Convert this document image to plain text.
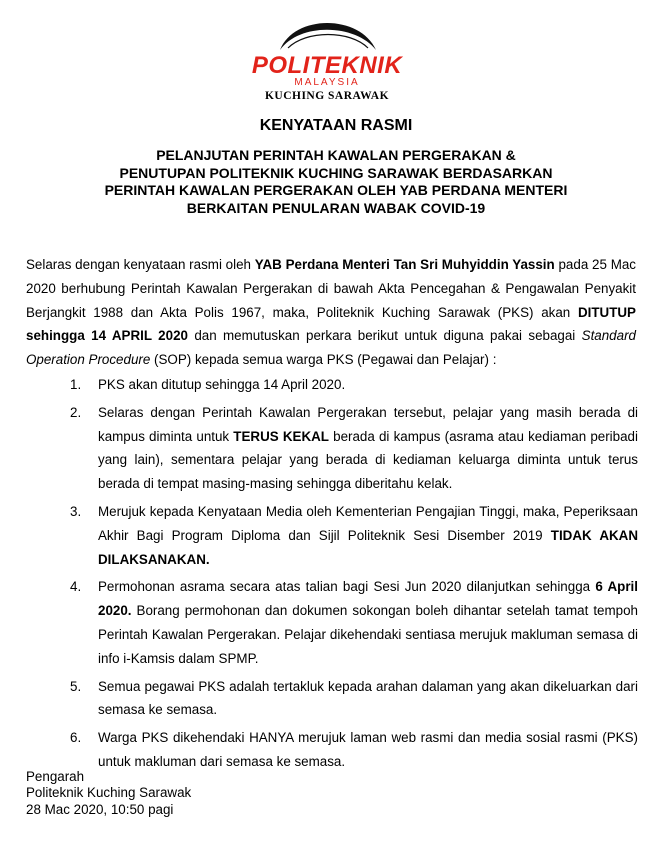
POLITEKNIK
MALAYSIA
KUCHING SARAWAK
KENYATAAN RASMI
PELANJUTAN PERINTAH KAWALAN PERGERAKAN &
PENUTUPAN POLITEKNIK KUCHING SARAWAK BERDASARKAN
PERINTAH KAWALAN PERGERAKAN OLEH YAB PERDANA MENTERI
BERKAITAN PENULARAN WABAK COVID-19
Selaras dengan kenyataan rasmi oleh YAB Perdana Menteri Tan Sri Muhyiddin Yassin pada 25 Mac 2020 berhubung Perintah Kawalan Pergerakan di bawah Akta Pencegahan & Pengawalan Penyakit Berjangkit 1988 dan Akta Polis 1967, maka, Politeknik Kuching Sarawak (PKS) akan DITUTUP sehingga 14 APRIL 2020 dan memutuskan perkara berikut untuk diguna pakai sebagai Standard Operation Procedure (SOP) kepada semua warga PKS (Pegawai dan Pelajar) :
1. PKS akan ditutup sehingga 14 April 2020.
2. Selaras dengan Perintah Kawalan Pergerakan tersebut, pelajar yang masih berada di kampus diminta untuk TERUS KEKAL berada di kampus (asrama atau kediaman peribadi yang lain), sementara pelajar yang berada di kediaman keluarga diminta untuk terus berada di tempat masing-masing sehingga diberitahu kelak.
3. Merujuk kepada Kenyataan Media oleh Kementerian Pengajian Tinggi, maka, Peperiksaan Akhir Bagi Program Diploma dan Sijil Politeknik Sesi Disember 2019 TIDAK AKAN DILAKSANAKAN.
4. Permohonan asrama secara atas talian bagi Sesi Jun 2020 dilanjutkan sehingga 6 April 2020. Borang permohonan dan dokumen sokongan boleh dihantar setelah tamat tempoh Perintah Kawalan Pergerakan. Pelajar dikehendaki sentiasa merujuk makluman semasa di info i-Kamsis dalam SPMP.
5. Semua pegawai PKS adalah tertakluk kepada arahan dalaman yang akan dikeluarkan dari semasa ke semasa.
6. Warga PKS dikehendaki HANYA merujuk laman web rasmi dan media sosial rasmi (PKS) untuk makluman dari semasa ke semasa.
Pengarah
Politeknik Kuching Sarawak
28 Mac 2020, 10:50 pagi
